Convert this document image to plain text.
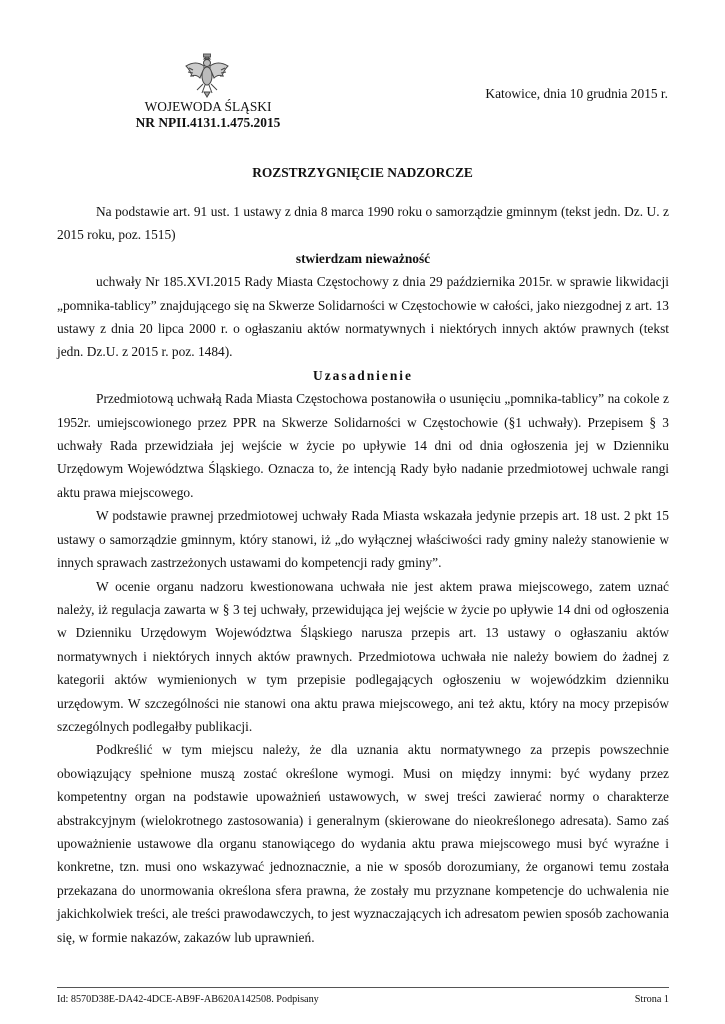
WOJEWODA ŚLĄSKI
NR NPII.4131.1.475.2015
Katowice, dnia 10 grudnia 2015 r.
ROZSTRZYGNIĘCIE NADZORCZE

Na podstawie art. 91 ust. 1 ustawy z dnia 8 marca 1990 roku o samorządzie gminnym (tekst jedn. Dz. U. z 2015 roku, poz. 1515)

stwierdzam nieważność

uchwały Nr 185.XVI.2015 Rady Miasta Częstochowy z dnia 29 października 2015r. w sprawie likwidacji „pomnika-tablicy” znajdującego się na Skwerze Solidarności w Częstochowie w całości, jako niezgodnej z art. 13 ustawy z dnia 20 lipca 2000 r. o ogłaszaniu aktów normatywnych i niektórych innych aktów prawnych (tekst jedn. Dz.U. z 2015 r. poz. 1484).

Uzasadnienie

Przedmiotową uchwałą Rada Miasta Częstochowa postanowiła o usunięciu „pomnika-tablicy” na cokole z 1952r. umiejscowionego przez PPR na Skwerze Solidarności w Częstochowie (§1 uchwały). Przepisem § 3 uchwały Rada przewidziała jej wejście w życie po upływie 14 dni od dnia ogłoszenia jej w Dzienniku Urzędowym Województwa Śląskiego. Oznacza to, że intencją Rady było nadanie przedmiotowej uchwale rangi aktu prawa miejscowego.

W podstawie prawnej przedmiotowej uchwały Rada Miasta wskazała jedynie przepis art. 18 ust. 2 pkt 15 ustawy o samorządzie gminnym, który stanowi, iż „do wyłącznej właściwości rady gminy należy stanowienie w innych sprawach zastrzeżonych ustawami do kompetencji rady gminy”.

W ocenie organu nadzoru kwestionowana uchwała nie jest aktem prawa miejscowego, zatem uznać należy, iż regulacja zawarta w § 3 tej uchwały, przewidująca jej wejście w życie po upływie 14 dni od ogłoszenia w Dzienniku Urzędowym Województwa Śląskiego narusza przepis art. 13 ustawy o ogłaszaniu aktów normatywnych i niektórych innych aktów prawnych. Przedmiotowa uchwała nie należy bowiem do żadnej z kategorii aktów wymienionych w tym przepisie podlegających ogłoszeniu w wojewódzkim dzienniku urzędowym. W szczególności nie stanowi ona aktu prawa miejscowego, ani też aktu, który na mocy przepisów szczególnych podlegałby publikacji.

Podkreślić w tym miejscu należy, że dla uznania aktu normatywnego za przepis powszechnie obowiązujący spełnione muszą zostać określone wymogi. Musi on między innymi: być wydany przez kompetentny organ na podstawie upoważnień ustawowych, w swej treści zawierać normy o charakterze abstrakcyjnym (wielokrotnego zastosowania) i generalnym (skierowane do nieokreślonego adresata). Samo zaś upoważnienie ustawowe dla organu stanowiącego do wydania aktu prawa miejscowego musi być wyraźne i konkretne, tzn. musi ono wskazywać jednoznacznie, a nie w sposób dorozumiany, że organowi temu została przekazana do unormowania określona sfera prawna, że zostały mu przyznane kompetencje do uchwalenia nie jakichkolwiek treści, ale treści prawodawczych, to jest wyznaczających ich adresatom pewien sposób zachowania się, w formie nakazów, zakazów lub uprawnień.

Id: 8570D38E-DA42-4DCE-AB9F-AB620A142508. Podpisany	Strona 1
